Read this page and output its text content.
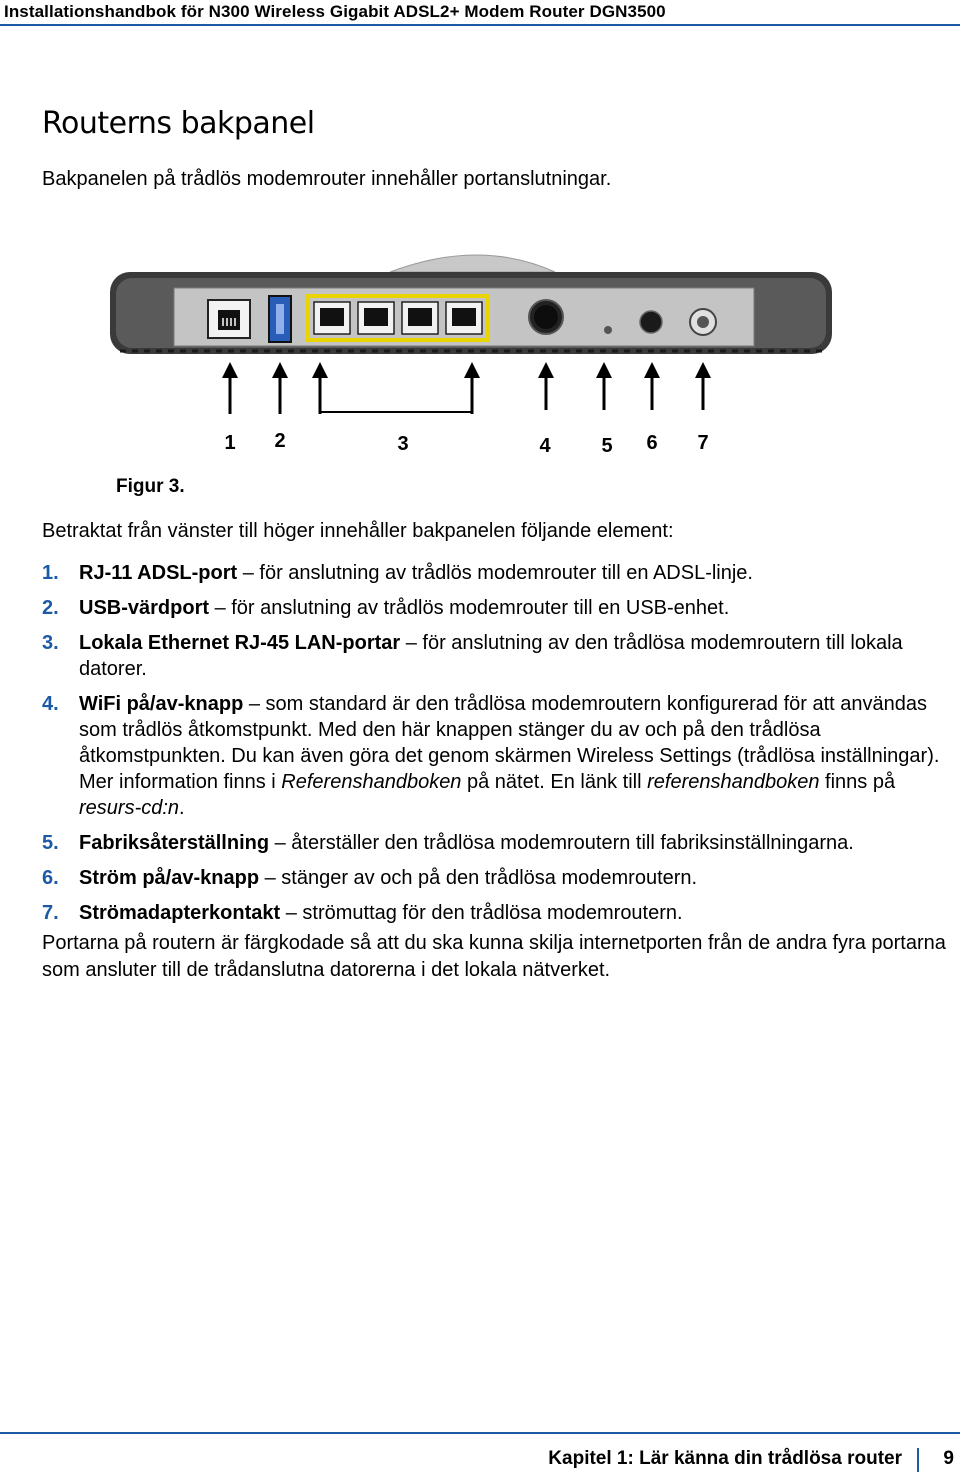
Installationshandbok för N300 Wireless Gigabit ADSL2+ Modem Router DGN3500
Routerns bakpanel

Bakpanelen på trådlös modemrouter innehåller portanslutningar.

1 2	3	4	5 6 7

Figur 3.

Betraktat från vänster till höger innehåller bakpanelen följande element:

1. RJ-11 ADSL-port – för anslutning av trådlös modemrouter till en ADSL-linje.
2. USB-värdport – för anslutning av trådlös modemrouter till en USB-enhet.
3. Lokala Ethernet RJ-45 LAN-portar – för anslutning av den trådlösa modemroutern till lokala datorer.
4. WiFi på/av-knapp – som standard är den trådlösa modemroutern konfigurerad för att användas som trådlös åtkomstpunkt. Med den här knappen stänger du av och på den trådlösa åtkomstpunkten. Du kan även göra det genom skärmen Wireless Settings (trådlösa inställningar). Mer information finns i Referenshandboken på nätet. En länk till referenshandboken finns på resurs-cd:n.
5. Fabriksåterställning – återställer den trådlösa modemroutern till fabriksinställningarna.
6. Ström på/av-knapp – stänger av och på den trådlösa modemroutern.
7. Strömadapterkontakt – strömuttag för den trådlösa modemroutern.

Portarna på routern är färgkodade så att du ska kunna skilja internetporten från de andra fyra portarna som ansluter till de trådanslutna datorerna i det lokala nätverket.

Kapitel 1: Lär känna din trådlösa router 9
